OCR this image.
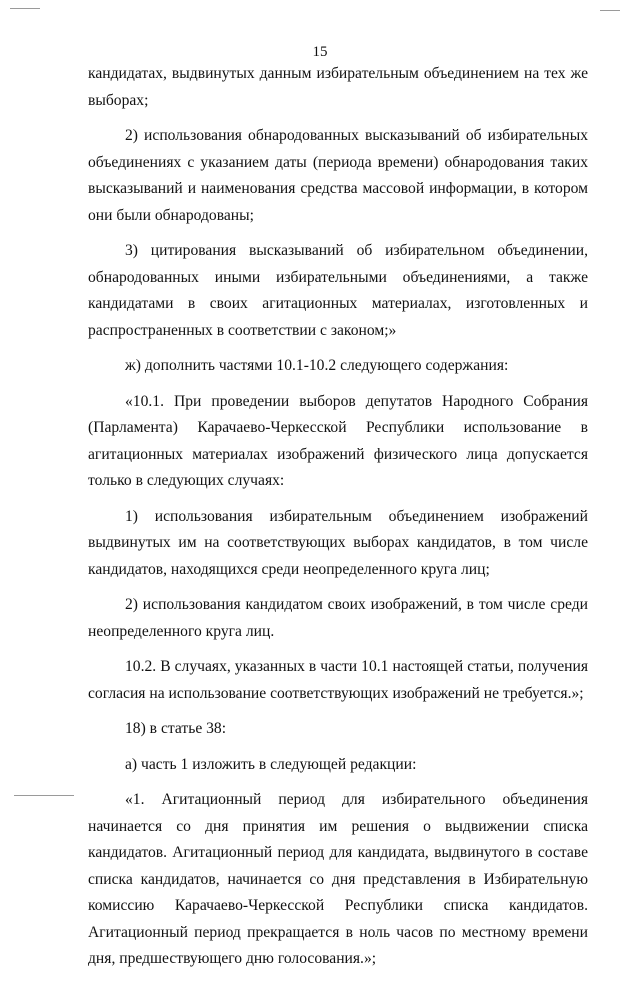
15

кандидатах, выдвинутых данным избирательным объединением на тех же выборах;

2) использования обнародованных высказываний об избирательных объединениях с указанием даты (периода времени) обнародования таких высказываний и наименования средства массовой информации, в котором они были обнародованы;

3) цитирования высказываний об избирательном объединении, обнародованных иными избирательными объединениями, а также кандидатами в своих агитационных материалах, изготовленных и распространенных в соответствии с законом;»

ж) дополнить частями 10.1-10.2 следующего содержания:

«10.1. При проведении выборов депутатов Народного Собрания (Парламента) Карачаево-Черкесской Республики использование в агитационных материалах изображений физического лица допускается только в следующих случаях:

1) использования избирательным объединением изображений выдвинутых им на соответствующих выборах кандидатов, в том числе кандидатов, находящихся среди неопределенного круга лиц;

2) использования кандидатом своих изображений, в том числе среди неопределенного круга лиц.

10.2. В случаях, указанных в части 10.1 настоящей статьи, получения согласия на использование соответствующих изображений не требуется.»;

18) в статье 38:

а) часть 1 изложить в следующей редакции:

«1. Агитационный период для избирательного объединения начинается со дня принятия им решения о выдвижении списка кандидатов. Агитационный период для кандидата, выдвинутого в составе списка кандидатов, начинается со дня представления в Избирательную комиссию Карачаево-Черкесской Республики списка кандидатов. Агитационный период прекращается в ноль часов по местному времени дня, предшествующего дню голосования.»;
